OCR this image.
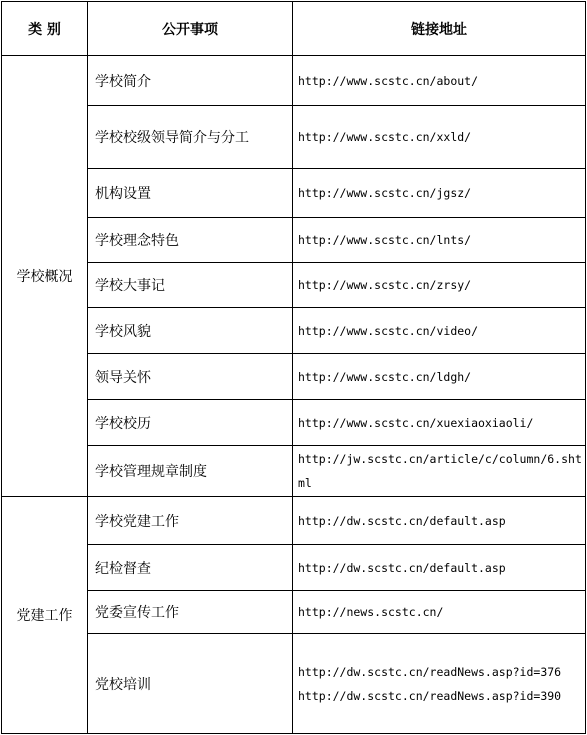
类 别	公开事项	链接地址
学校概况	学校简介	http://www.scstc.cn/about/
	学校校级领导简介与分工	http://www.scstc.cn/xxld/
	机构设置	http://www.scstc.cn/jgsz/
	学校理念特色	http://www.scstc.cn/lnts/
	学校大事记	http://www.scstc.cn/zrsy/
	学校风貌	http://www.scstc.cn/video/
	领导关怀	http://www.scstc.cn/ldgh/
	学校校历	http://www.scstc.cn/xuexiaoxiaoli/
	学校管理规章制度	http://jw.scstc.cn/article/c/column/6.shtml
党建工作	学校党建工作	http://dw.scstc.cn/default.asp
	纪检督查	http://dw.scstc.cn/default.asp
	党委宣传工作	http://news.scstc.cn/
	党校培训	http://dw.scstc.cn/readNews.asp?id=376
http://dw.scstc.cn/readNews.asp?id=390
